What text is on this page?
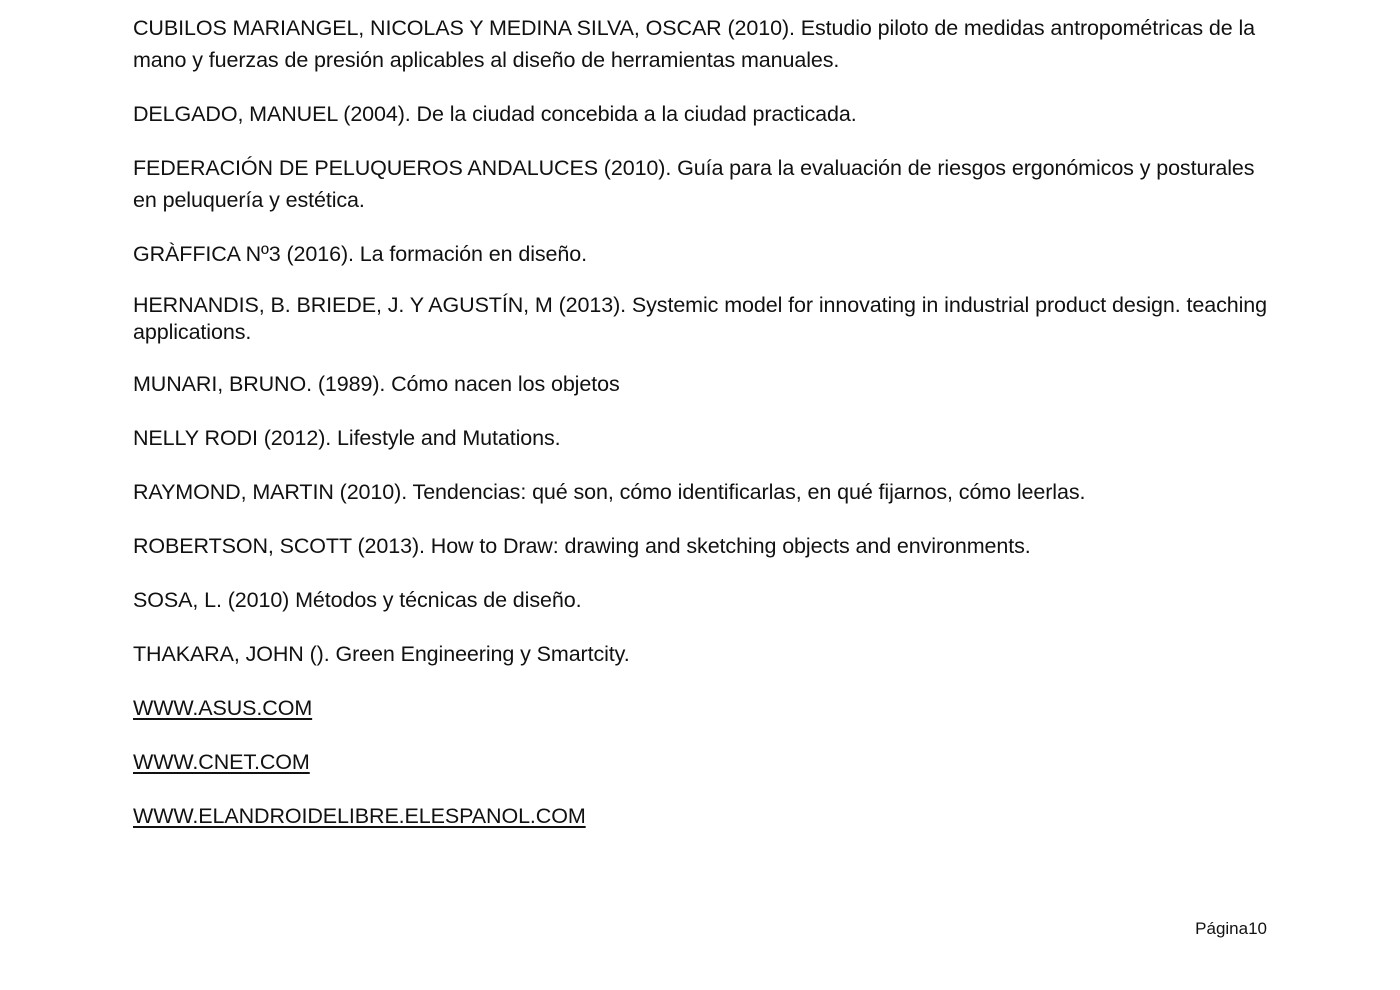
CUBILOS MARIANGEL, NICOLAS Y MEDINA SILVA, OSCAR (2010). Estudio piloto de medidas antropométricas de la mano y fuerzas de presión aplicables al diseño de herramientas manuales.

DELGADO, MANUEL (2004). De la ciudad concebida a la ciudad practicada.

FEDERACIÓN DE PELUQUEROS ANDALUCES (2010). Guía para la evaluación de riesgos ergonómicos y posturales en peluquería y estética.

GRÀFFICA Nº3 (2016). La formación en diseño.

HERNANDIS, B. BRIEDE, J. Y AGUSTÍN, M (2013). Systemic model for innovating in industrial product design. teaching applications.

MUNARI, BRUNO. (1989). Cómo nacen los objetos

NELLY RODI (2012). Lifestyle and Mutations.

RAYMOND, MARTIN (2010). Tendencias: qué son, cómo identificarlas, en qué fijarnos, cómo leerlas.

ROBERTSON, SCOTT (2013). How to Draw: drawing and sketching objects and environments.

SOSA, L. (2010) Métodos y técnicas de diseño.

THAKARA, JOHN (). Green Engineering y Smartcity.

WWW.ASUS.COM

WWW.CNET.COM

WWW.ELANDROIDELIBRE.ELESPANOL.COM

Página10
